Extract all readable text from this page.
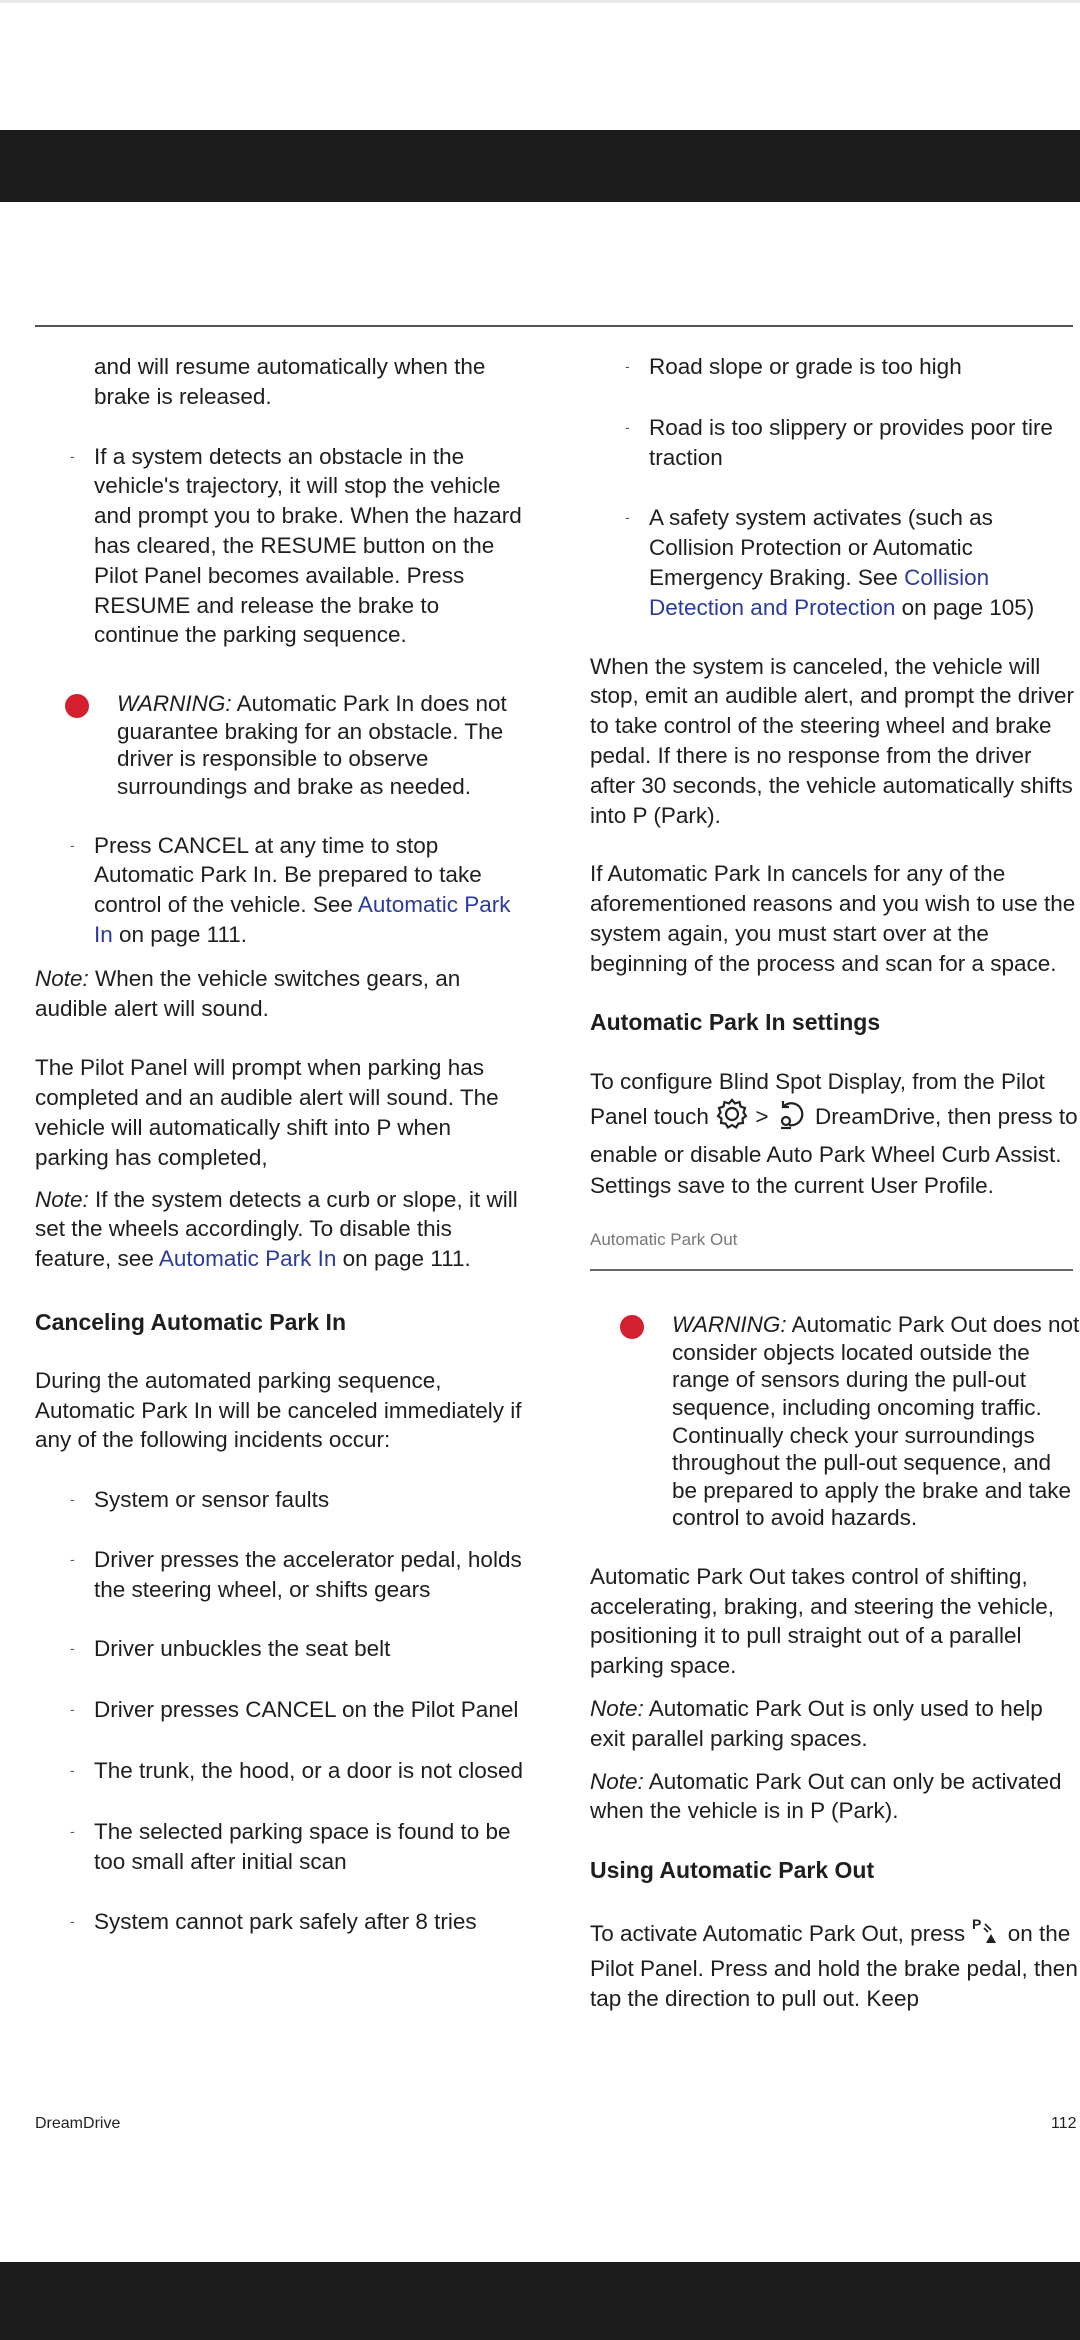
and will resume automatically when the brake is released.

- If a system detects an obstacle in the vehicle's trajectory, it will stop the vehicle and prompt you to brake. When the hazard has cleared, the RESUME button on the Pilot Panel becomes available. Press RESUME and release the brake to continue the parking sequence.

WARNING: Automatic Park In does not guarantee braking for an obstacle. The driver is responsible to observe surroundings and brake as needed.

- Press CANCEL at any time to stop Automatic Park In. Be prepared to take control of the vehicle. See Automatic Park In on page 111.

Note: When the vehicle switches gears, an audible alert will sound.

The Pilot Panel will prompt when parking has completed and an audible alert will sound. The vehicle will automatically shift into P when parking has completed,

Note: If the system detects a curb or slope, it will set the wheels accordingly. To disable this feature, see Automatic Park In on page 111.

Canceling Automatic Park In

During the automated parking sequence, Automatic Park In will be canceled immediately if any of the following incidents occur:

- System or sensor faults

- Driver presses the accelerator pedal, holds the steering wheel, or shifts gears

- Driver unbuckles the seat belt

- Driver presses CANCEL on the Pilot Panel

- The trunk, the hood, or a door is not closed

- The selected parking space is found to be too small after initial scan

- System cannot park safely after 8 tries

- Road slope or grade is too high

- Road is too slippery or provides poor tire traction

- A safety system activates (such as Collision Protection or Automatic Emergency Braking. See Collision Detection and Protection on page 105)

When the system is canceled, the vehicle will stop, emit an audible alert, and prompt the driver to take control of the steering wheel and brake pedal. If there is no response from the driver after 30 seconds, the vehicle automatically shifts into P (Park).

If Automatic Park In cancels for any of the aforementioned reasons and you wish to use the system again, you must start over at the beginning of the process and scan for a space.

Automatic Park In settings

To configure Blind Spot Display, from the Pilot Panel touch > DreamDrive, then press to enable or disable Auto Park Wheel Curb Assist. Settings save to the current User Profile.

Automatic Park Out
WARNING: Automatic Park Out does not consider objects located outside the range of sensors during the pull-out sequence, including oncoming traffic. Continually check your surroundings throughout the pull-out sequence, and be prepared to apply the brake and take control to avoid hazards.

Automatic Park Out takes control of shifting, accelerating, braking, and steering the vehicle, positioning it to pull straight out of a parallel parking space.

Note: Automatic Park Out is only used to help exit parallel parking spaces.

Note: Automatic Park Out can only be activated when the vehicle is in P (Park).

Using Automatic Park Out

To activate Automatic Park Out, press P on the Pilot Panel. Press and hold the brake pedal, then tap the direction to pull out. Keep

DreamDrive	112
